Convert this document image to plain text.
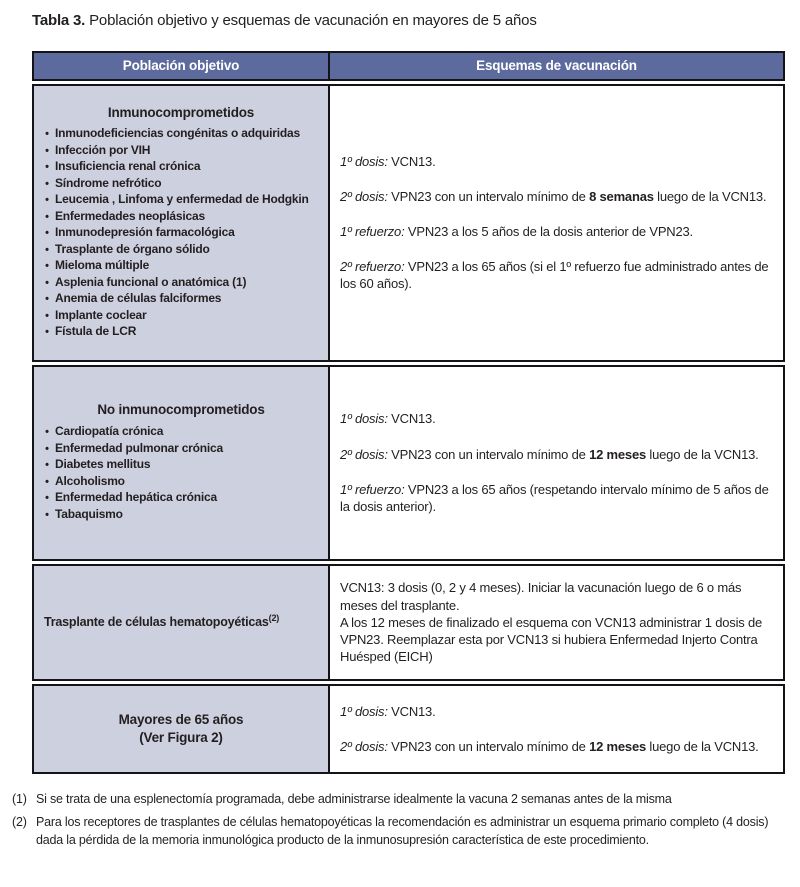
Tabla 3. Población objetivo y esquemas de vacunación en mayores de 5 años
Población objetivo	Esquemas de vacunación
Inmunocomprometidos
• Inmunodeficiencias congénitas o adquiridas
• Infección por VIH
• Insuficiencia renal crónica
• Síndrome nefrótico
• Leucemia , Linfoma y enfermedad de Hodgkin
• Enfermedades neoplásicas
• Inmunodepresión farmacológica
• Trasplante de órgano sólido
• Mieloma múltiple
• Asplenia funcional o anatómica (1)
• Anemia de células falciformes
• Implante coclear
• Fístula de LCR

1º dosis: VCN13.

2º dosis: VPN23 con un intervalo mínimo de 8 semanas luego de la VCN13.

1º refuerzo: VPN23 a los 5 años de la dosis anterior de VPN23.

2º refuerzo: VPN23 a los 65 años (si el 1º refuerzo fue administrado antes de los 60 años).

No inmunocomprometidos
• Cardiopatía crónica
• Enfermedad pulmonar crónica
• Diabetes mellitus
• Alcoholismo
• Enfermedad hepática crónica
• Tabaquismo

1º dosis: VCN13.

2º dosis: VPN23 con un intervalo mínimo de 12 meses luego de la VCN13.

1º refuerzo: VPN23 a los 65 años (respetando intervalo mínimo de 5 años de la dosis anterior).

Trasplante de células hematopoyéticas$^{(2)}$

VCN13: 3 dosis (0, 2 y 4 meses). Iniciar la vacunación luego de 6 o más meses del trasplante.

A los 12 meses de finalizado el esquema con VCN13 administrar 1 dosis de VPN23. Reemplazar esta por VCN13 si hubiera Enfermedad Injerto Contra Huésped (EICH)

Mayores de 65 años
(Ver Figura 2)

1º dosis: VCN13.

2º dosis: VPN23 con un intervalo mínimo de 12 meses luego de la VCN13.

(1) Si se trata de una esplenectomía programada, debe administrarse idealmente la vacuna 2 semanas antes de la misma
(2) Para los receptores de trasplantes de células hematopoyéticas la recomendación es administrar un esquema primario completo (4 dosis) dada la pérdida de la memoria inmunológica producto de la inmunosupresión característica de este procedimiento.
